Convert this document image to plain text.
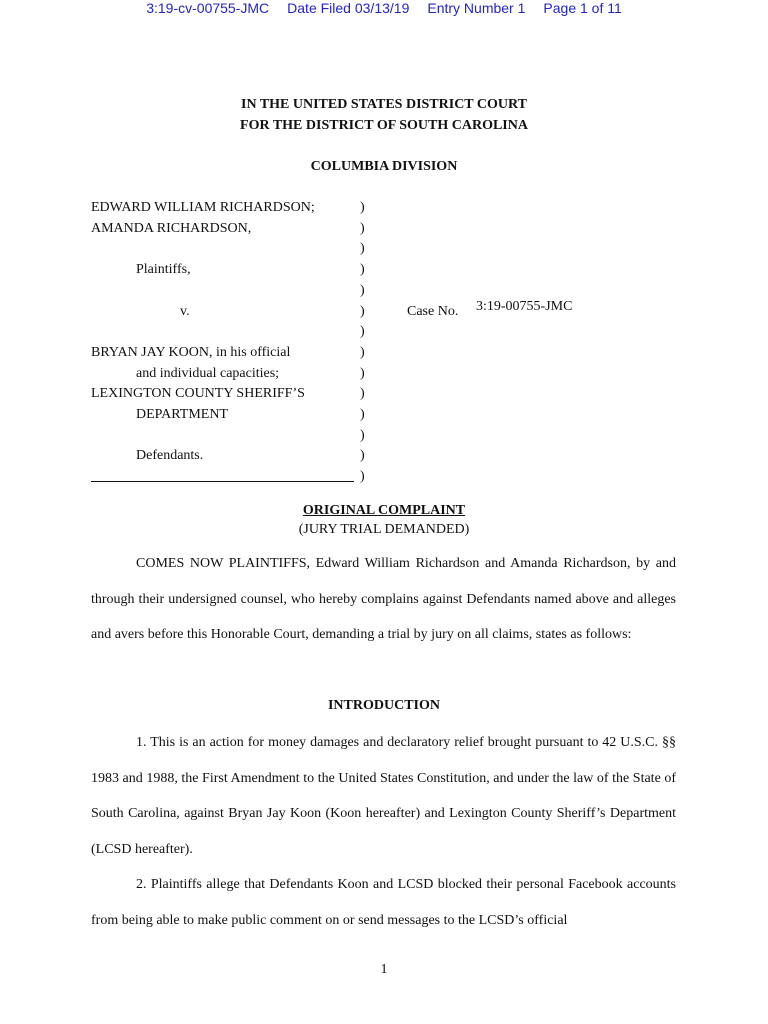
3:19-cv-00755-JMC Date Filed 03/13/19 Entry Number 1 Page 1 of 11
IN THE UNITED STATES DISTRICT COURT
FOR THE DISTRICT OF SOUTH CAROLINA
COLUMBIA DIVISION
EDWARD WILLIAM RICHARDSON;
AMANDA RICHARDSON,
Plaintiffs,
v.
BRYAN JAY KOON, in his official
and individual capacities;
LEXINGTON COUNTY SHERIFF’S
DEPARTMENT
Defendants.
)
)
)
)
)
)
)
)
)
)
)
)
)
)
Case No. 3:19-00755-JMC
ORIGINAL COMPLAINT
(JURY TRIAL DEMANDED)

COMES NOW PLAINTIFFS, Edward William Richardson and Amanda Richardson, by and through their undersigned counsel, who hereby complains against Defendants named above and alleges and avers before this Honorable Court, demanding a trial by jury on all claims, states as follows:

INTRODUCTION

1. This is an action for money damages and declaratory relief brought pursuant to 42 U.S.C. §§ 1983 and 1988, the First Amendment to the United States Constitution, and under the law of the State of South Carolina, against Bryan Jay Koon (Koon hereafter) and Lexington County Sheriff’s Department (LCSD hereafter).

2. Plaintiffs allege that Defendants Koon and LCSD blocked their personal Facebook accounts from being able to make public comment on or send messages to the LCSD’s official

1
